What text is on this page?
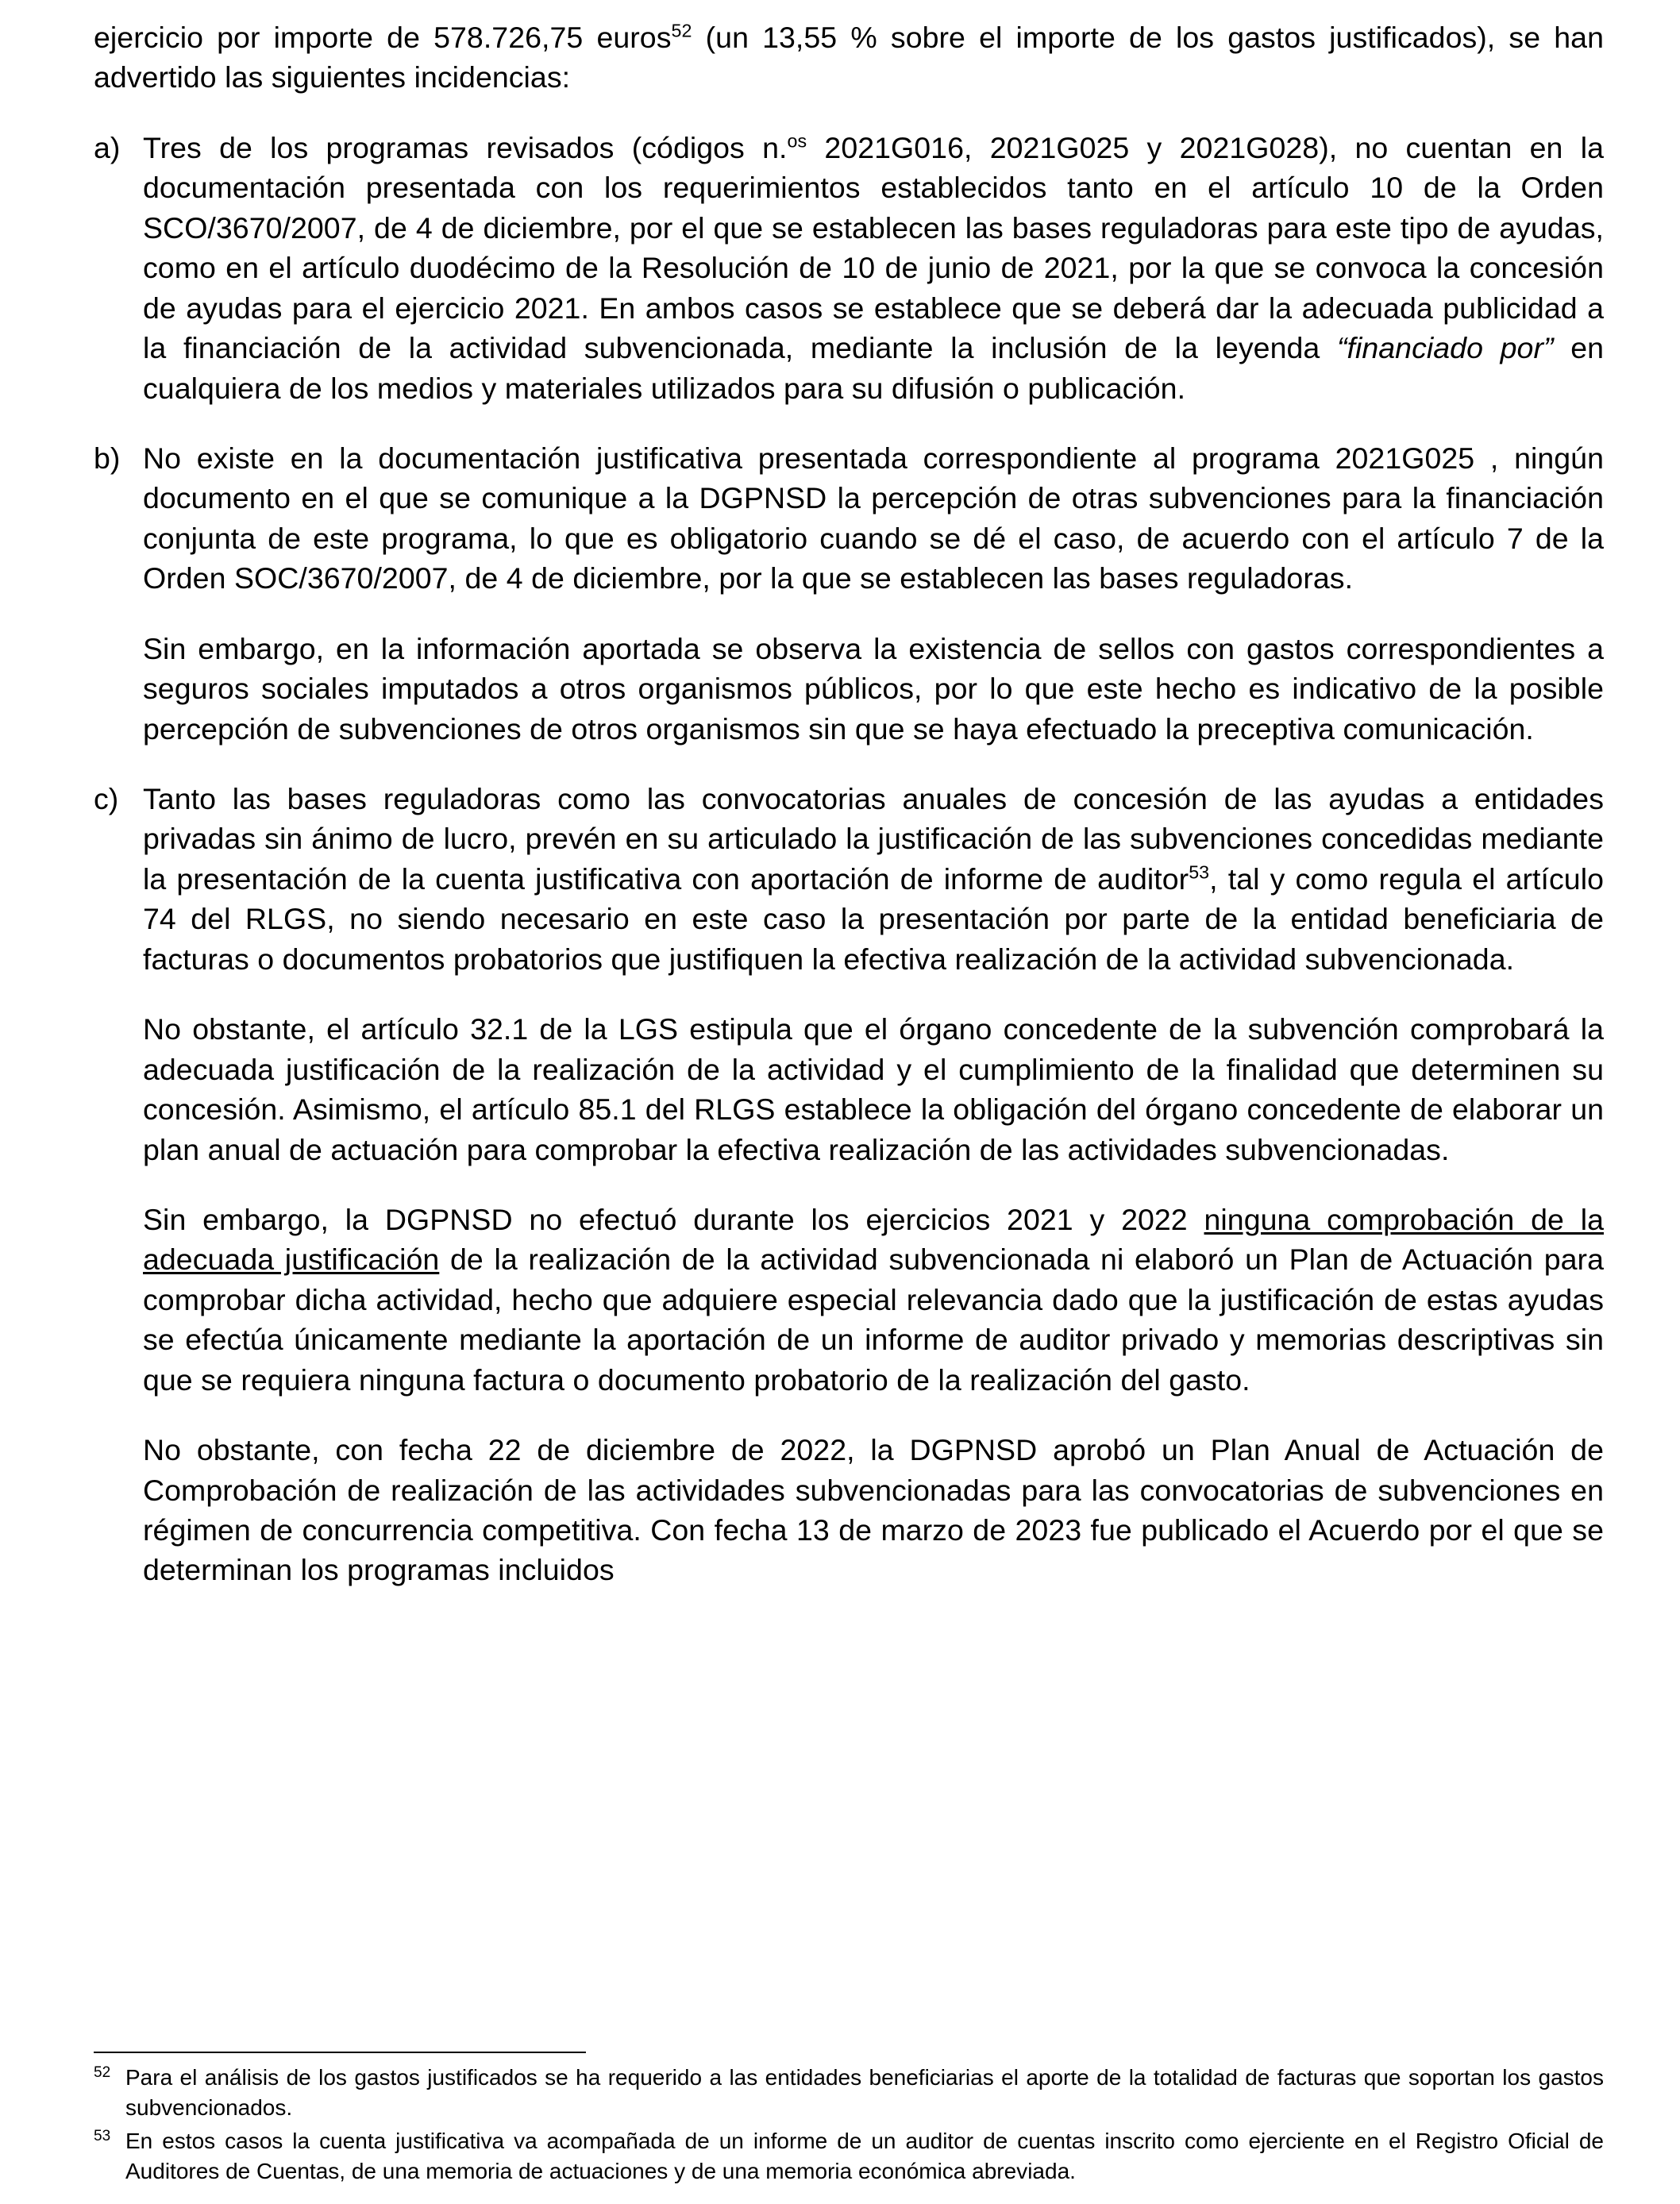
ejercicio por importe de 578.726,75 euros$^{52}$ (un 13,55 % sobre el importe de los gastos justificados), se han advertido las siguientes incidencias:

a) Tres de los programas revisados (códigos n.$^{os}$ 2021G016, 2021G025 y 2021G028), no cuentan en la documentación presentada con los requerimientos establecidos tanto en el artículo 10 de la Orden SCO/3670/2007, de 4 de diciembre, por el que se establecen las bases reguladoras para este tipo de ayudas, como en el artículo duodécimo de la Resolución de 10 de junio de 2021, por la que se convoca la concesión de ayudas para el ejercicio 2021. En ambos casos se establece que se deberá dar la adecuada publicidad a la financiación de la actividad subvencionada, mediante la inclusión de la leyenda “financiado por” en cualquiera de los medios y materiales utilizados para su difusión o publicación.
b) No existe en la documentación justificativa presentada correspondiente al programa 2021G025 , ningún documento en el que se comunique a la DGPNSD la percepción de otras subvenciones para la financiación conjunta de este programa, lo que es obligatorio cuando se dé el caso, de acuerdo con el artículo 7 de la Orden SOC/3670/2007, de 4 de diciembre, por la que se establecen las bases reguladoras.
Sin embargo, en la información aportada se observa la existencia de sellos con gastos correspondientes a seguros sociales imputados a otros organismos públicos, por lo que este hecho es indicativo de la posible percepción de subvenciones de otros organismos sin que se haya efectuado la preceptiva comunicación.
c) Tanto las bases reguladoras como las convocatorias anuales de concesión de las ayudas a entidades privadas sin ánimo de lucro, prevén en su articulado la justificación de las subvenciones concedidas mediante la presentación de la cuenta justificativa con aportación de informe de auditor$^{53}$, tal y como regula el artículo 74 del RLGS, no siendo necesario en este caso la presentación por parte de la entidad beneficiaria de facturas o documentos probatorios que justifiquen la efectiva realización de la actividad subvencionada.
No obstante, el artículo 32.1 de la LGS estipula que el órgano concedente de la subvención comprobará la adecuada justificación de la realización de la actividad y el cumplimiento de la finalidad que determinen su concesión. Asimismo, el artículo 85.1 del RLGS establece la obligación del órgano concedente de elaborar un plan anual de actuación para comprobar la efectiva realización de las actividades subvencionadas.
Sin embargo, la DGPNSD no efectuó durante los ejercicios 2021 y 2022 ninguna comprobación de la adecuada justificación de la realización de la actividad subvencionada ni elaboró un Plan de Actuación para comprobar dicha actividad, hecho que adquiere especial relevancia dado que la justificación de estas ayudas se efectúa únicamente mediante la aportación de un informe de auditor privado y memorias descriptivas sin que se requiera ninguna factura o documento probatorio de la realización del gasto.
No obstante, con fecha 22 de diciembre de 2022, la DGPNSD aprobó un Plan Anual de Actuación de Comprobación de realización de las actividades subvencionadas para las convocatorias de subvenciones en régimen de concurrencia competitiva. Con fecha 13 de marzo de 2023 fue publicado el Acuerdo por el que se determinan los programas incluidos
52 Para el análisis de los gastos justificados se ha requerido a las entidades beneficiarias el aporte de la totalidad de facturas que soportan los gastos subvencionados.
53 En estos casos la cuenta justificativa va acompañada de un informe de un auditor de cuentas inscrito como ejerciente en el Registro Oficial de Auditores de Cuentas, de una memoria de actuaciones y de una memoria económica abreviada.
